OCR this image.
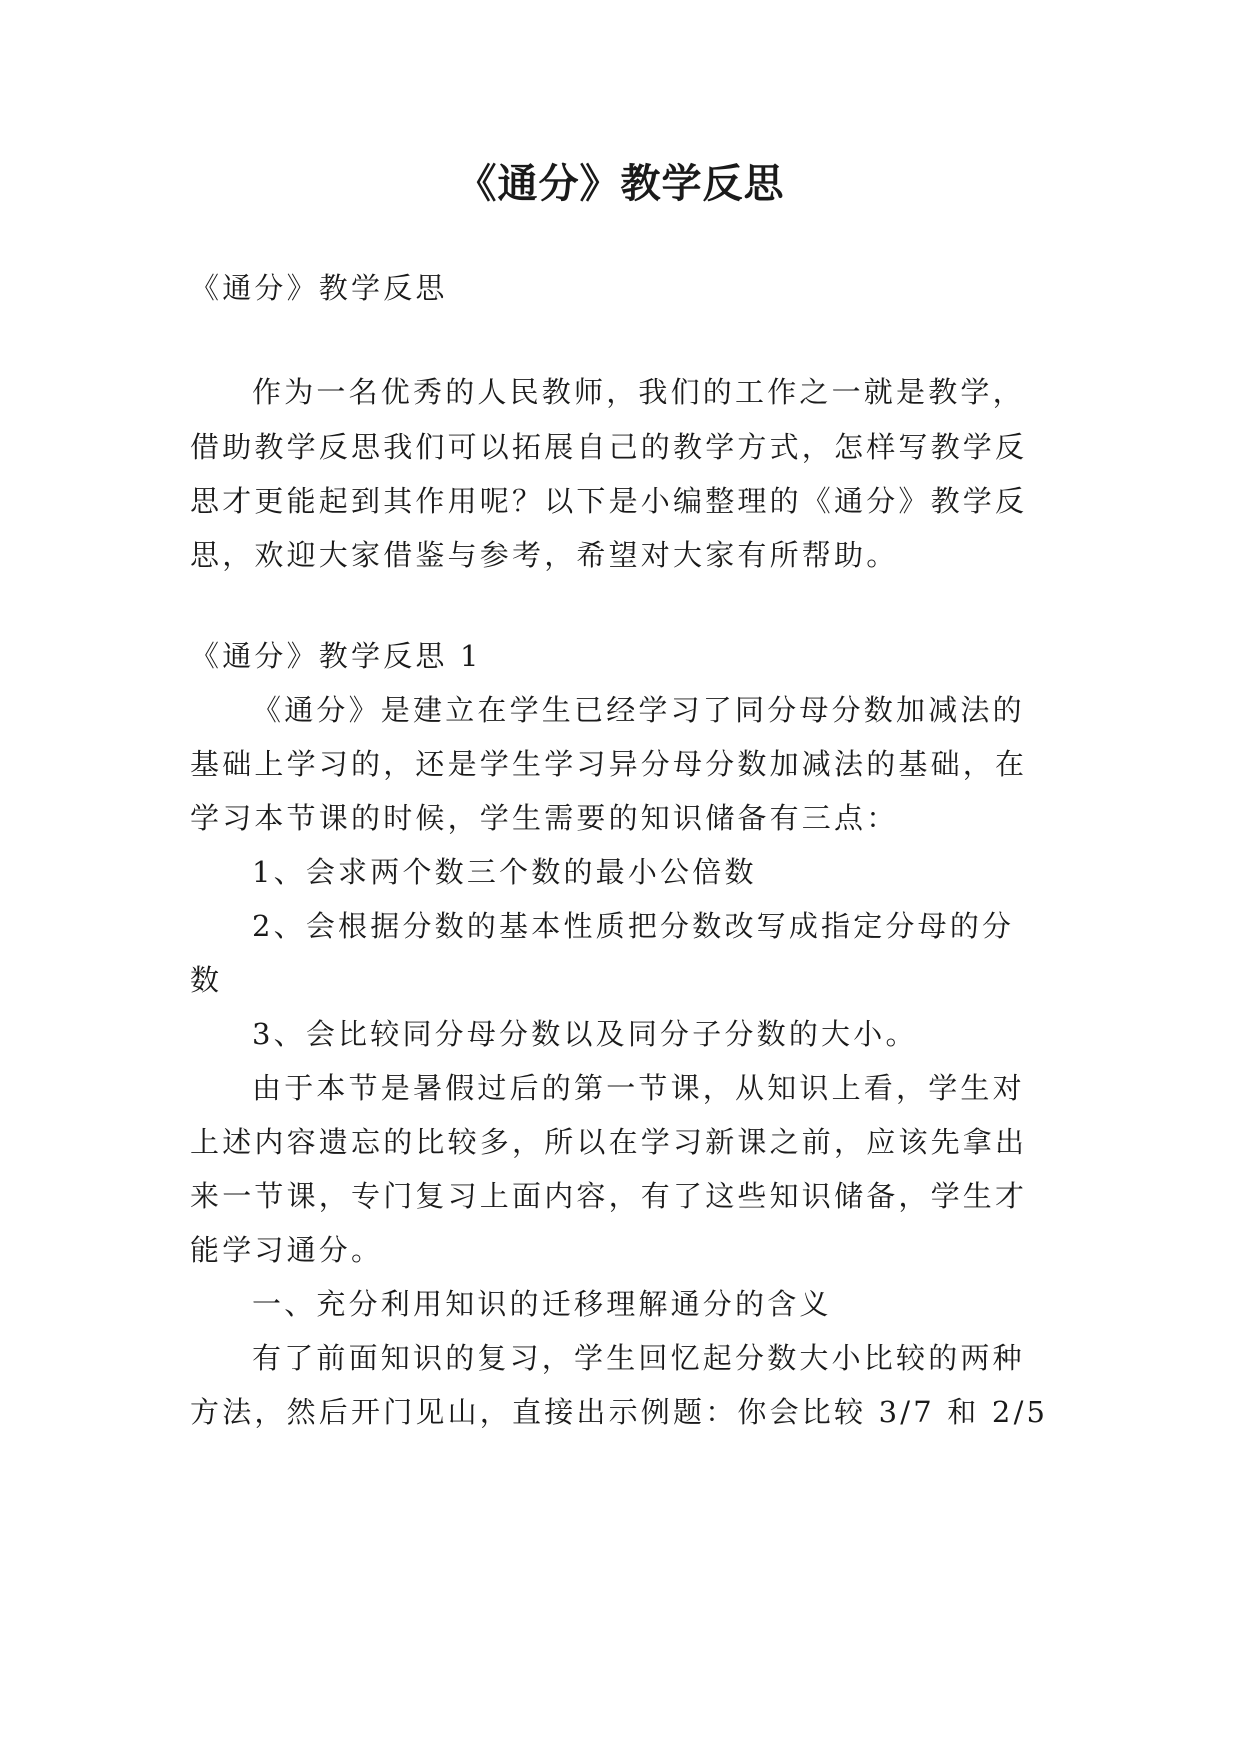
《通分》教学反思

《通分》教学反思

作为一名优秀的人民教师，我们的工作之一就是教学，

借助教学反思我们可以拓展自己的教学方式，怎样写教学反

思才更能起到其作用呢？以下是小编整理的《通分》教学反

思，欢迎大家借鉴与参考，希望对大家有所帮助。

《通分》教学反思 1

《通分》是建立在学生已经学习了同分母分数加减法的

基础上学习的，还是学生学习异分母分数加减法的基础，在

学习本节课的时候，学生需要的知识储备有三点：

1、会求两个数三个数的最小公倍数

2、会根据分数的基本性质把分数改写成指定分母的分

数

3、会比较同分母分数以及同分子分数的大小。

由于本节是暑假过后的第一节课，从知识上看，学生对

上述内容遗忘的比较多，所以在学习新课之前，应该先拿出

来一节课，专门复习上面内容，有了这些知识储备，学生才

能学习通分。

一、充分利用知识的迁移理解通分的含义

有了前面知识的复习，学生回忆起分数大小比较的两种

方法，然后开门见山，直接出示例题：你会比较 3/7 和 2/5
